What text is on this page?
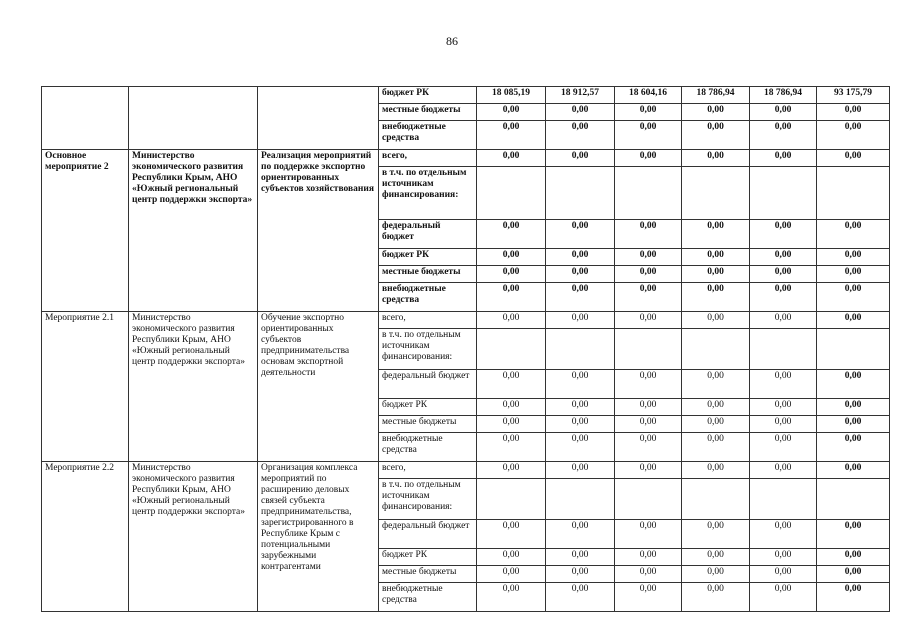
86
			бюджет РК	18 085,19	18 912,57	18 604,16	18 786,94	18 786,94	93 175,79
			местные бюджеты	0,00	0,00	0,00	0,00	0,00	0,00
			внебюджетные средства	0,00	0,00	0,00	0,00	0,00	0,00
Основное мероприятие 2	Министерство экономического развития Республики Крым, АНО «Южный региональный центр поддержки экспорта»	Реализация мероприятий по поддержке экспортно ориентированных субъектов хозяйствования	всего,	0,00	0,00	0,00	0,00	0,00	0,00
			в т.ч. по отдельным источникам финансирования:						
			федеральный бюджет	0,00	0,00	0,00	0,00	0,00	0,00
			бюджет РК	0,00	0,00	0,00	0,00	0,00	0,00
			местные бюджеты	0,00	0,00	0,00	0,00	0,00	0,00
			внебюджетные средства	0,00	0,00	0,00	0,00	0,00	0,00
Мероприятие 2.1	Министерство экономического развития Республики Крым, АНО «Южный региональный центр поддержки экспорта»	Обучение экспортно ориентированных субъектов предпринимательства основам экспортной деятельности	всего,	0,00	0,00	0,00	0,00	0,00	0,00
			в т.ч. по отдельным источникам финансирования:						
			федеральный бюджет	0,00	0,00	0,00	0,00	0,00	0,00
			бюджет РК	0,00	0,00	0,00	0,00	0,00	0,00
			местные бюджеты	0,00	0,00	0,00	0,00	0,00	0,00
			внебюджетные средства	0,00	0,00	0,00	0,00	0,00	0,00
Мероприятие 2.2	Министерство экономического развития Республики Крым, АНО «Южный региональный центр поддержки экспорта»	Организация комплекса мероприятий по расширению деловых связей субъекта предпринимательства, зарегистрированного в Республике Крым с потенциальными зарубежными контрагентами	всего,	0,00	0,00	0,00	0,00	0,00	0,00
			в т.ч. по отдельным источникам финансирования:						
			федеральный бюджет	0,00	0,00	0,00	0,00	0,00	0,00
			бюджет РК	0,00	0,00	0,00	0,00	0,00	0,00
			местные бюджеты	0,00	0,00	0,00	0,00	0,00	0,00
			внебюджетные средства	0,00	0,00	0,00	0,00	0,00	0,00
